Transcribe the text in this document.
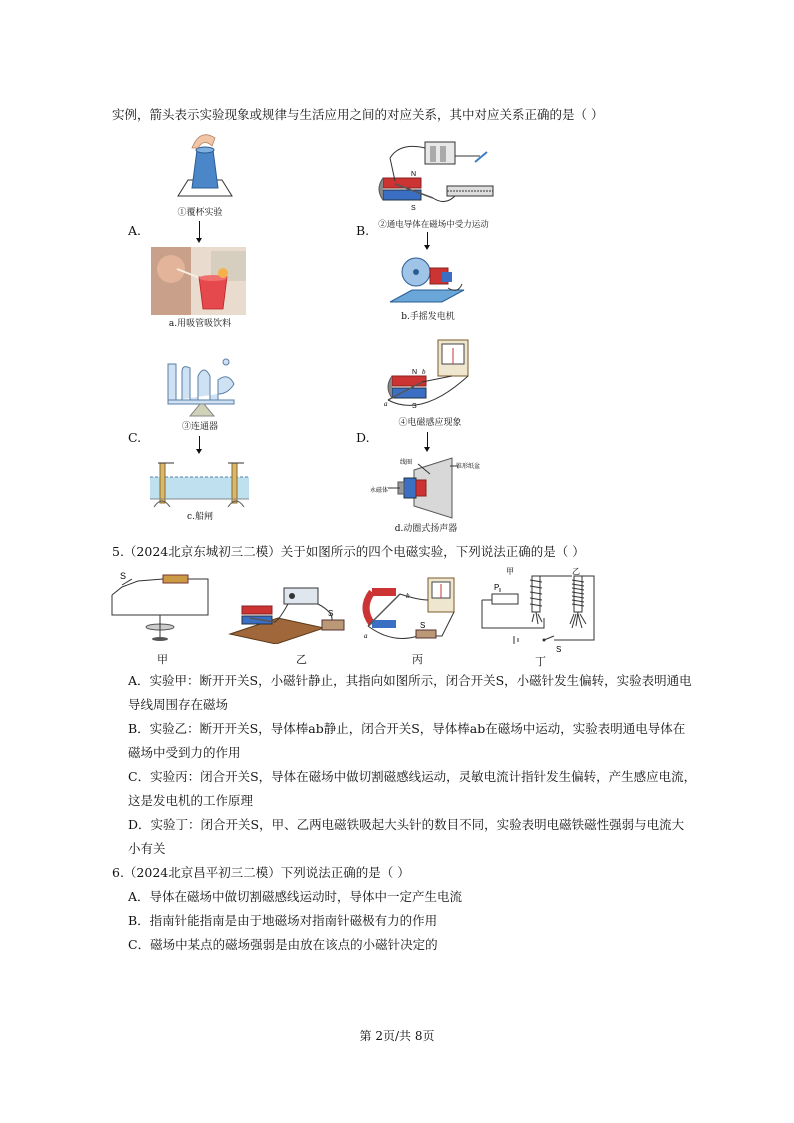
实例，箭头表示实验现象或规律与生活应用之间的对应关系，其中对应关系正确的是（ ）
A.
①覆杯实验
a.用吸管吸饮料
B.
N
S
②通电导体在磁场中受力运动
b.手摇发电机
C.
③连通器
c.船闸
D.
N
S
a
b
④电磁感应现象
线圈
锥形纸盆
永磁体
d.动圈式扬声器
5.（2024北京东城初三二模）关于如图所示的四个电磁实验，下列说法正确的是（ ）
S
甲
S
乙
a
b
S
丙
甲	乙
P
S
丁
A．实验甲：断开开关S，小磁针静止，其指向如图所示，闭合开关S，小磁针发生偏转，实验表明通电
导线周围存在磁场
B．实验乙：断开开关S，导体棒ab静止，闭合开关S，导体棒ab在磁场中运动，实验表明通电导体在
磁场中受到力的作用
C．实验丙：闭合开关S，导体在磁场中做切割磁感线运动，灵敏电流计指针发生偏转，产生感应电流，
这是发电机的工作原理
D．实验丁：闭合开关S，甲、乙两电磁铁吸起大头针的数目不同，实验表明电磁铁磁性强弱与电流大
小有关
6.（2024北京昌平初三二模）下列说法正确的是（ ）
A．导体在磁场中做切割磁感线运动时，导体中一定产生电流
B．指南针能指南是由于地磁场对指南针磁极有力的作用
C．磁场中某点的磁场强弱是由放在该点的小磁针决定的
第 2页/共 8页
